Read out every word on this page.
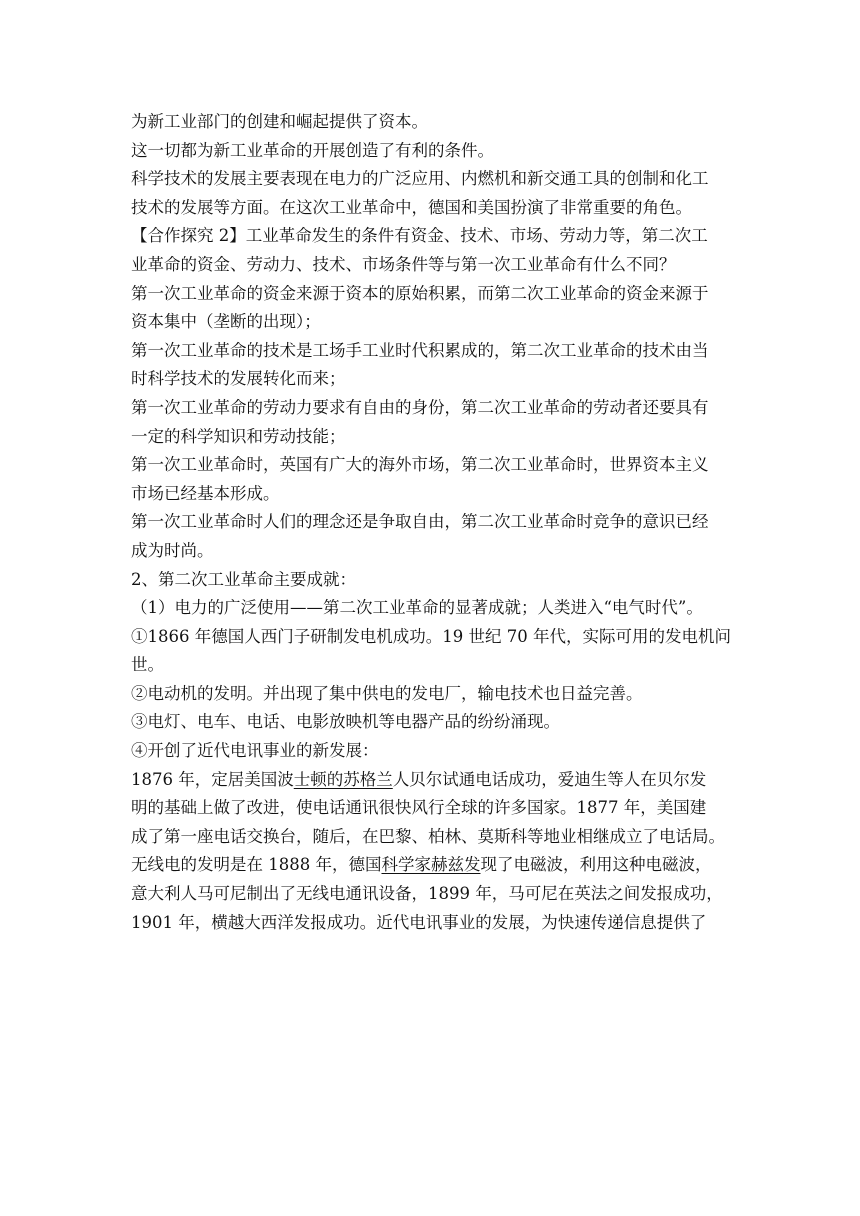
为新工业部门的创建和崛起提供了资本。
这一切都为新工业革命的开展创造了有利的条件。
科学技术的发展主要表现在电力的广泛应用、内燃机和新交通工具的创制和化工
技术的发展等方面。在这次工业革命中，德国和美国扮演了非常重要的角色。
【合作探究 2】工业革命发生的条件有资金、技术、市场、劳动力等，第二次工
业革命的资金、劳动力、技术、市场条件等与第一次工业革命有什么不同？
第一次工业革命的资金来源于资本的原始积累，而第二次工业革命的资金来源于
资本集中（垄断的出现）；
第一次工业革命的技术是工场手工业时代积累成的，第二次工业革命的技术由当
时科学技术的发展转化而来；
第一次工业革命的劳动力要求有自由的身份，第二次工业革命的劳动者还要具有
一定的科学知识和劳动技能；
第一次工业革命时，英国有广大的海外市场，第二次工业革命时，世界资本主义
市场已经基本形成。
第一次工业革命时人们的理念还是争取自由，第二次工业革命时竞争的意识已经
成为时尚。
2、第二次工业革命主要成就：
（1）电力的广泛使用——第二次工业革命的显著成就；人类进入“电气时代”。
①1866 年德国人西门子研制发电机成功。19 世纪 70 年代，实际可用的发电机问
世。
②电动机的发明。并出现了集中供电的发电厂，输电技术也日益完善。
③电灯、电车、电话、电影放映机等电器产品的纷纷涌现。
④开创了近代电讯事业的新发展：
1876 年，定居美国波士顿的苏格兰人贝尔试通电话成功，爱迪生等人在贝尔发
明的基础上做了改进，使电话通讯很快风行全球的许多国家。1877 年，美国建
成了第一座电话交换台，随后，在巴黎、柏林、莫斯科等地业相继成立了电话局。
无线电的发明是在 1888 年，德国科学家赫兹发现了电磁波，利用这种电磁波，
意大利人马可尼制出了无线电通讯设备，1899 年，马可尼在英法之间发报成功，
1901 年，横越大西洋发报成功。近代电讯事业的发展，为快速传递信息提供了
